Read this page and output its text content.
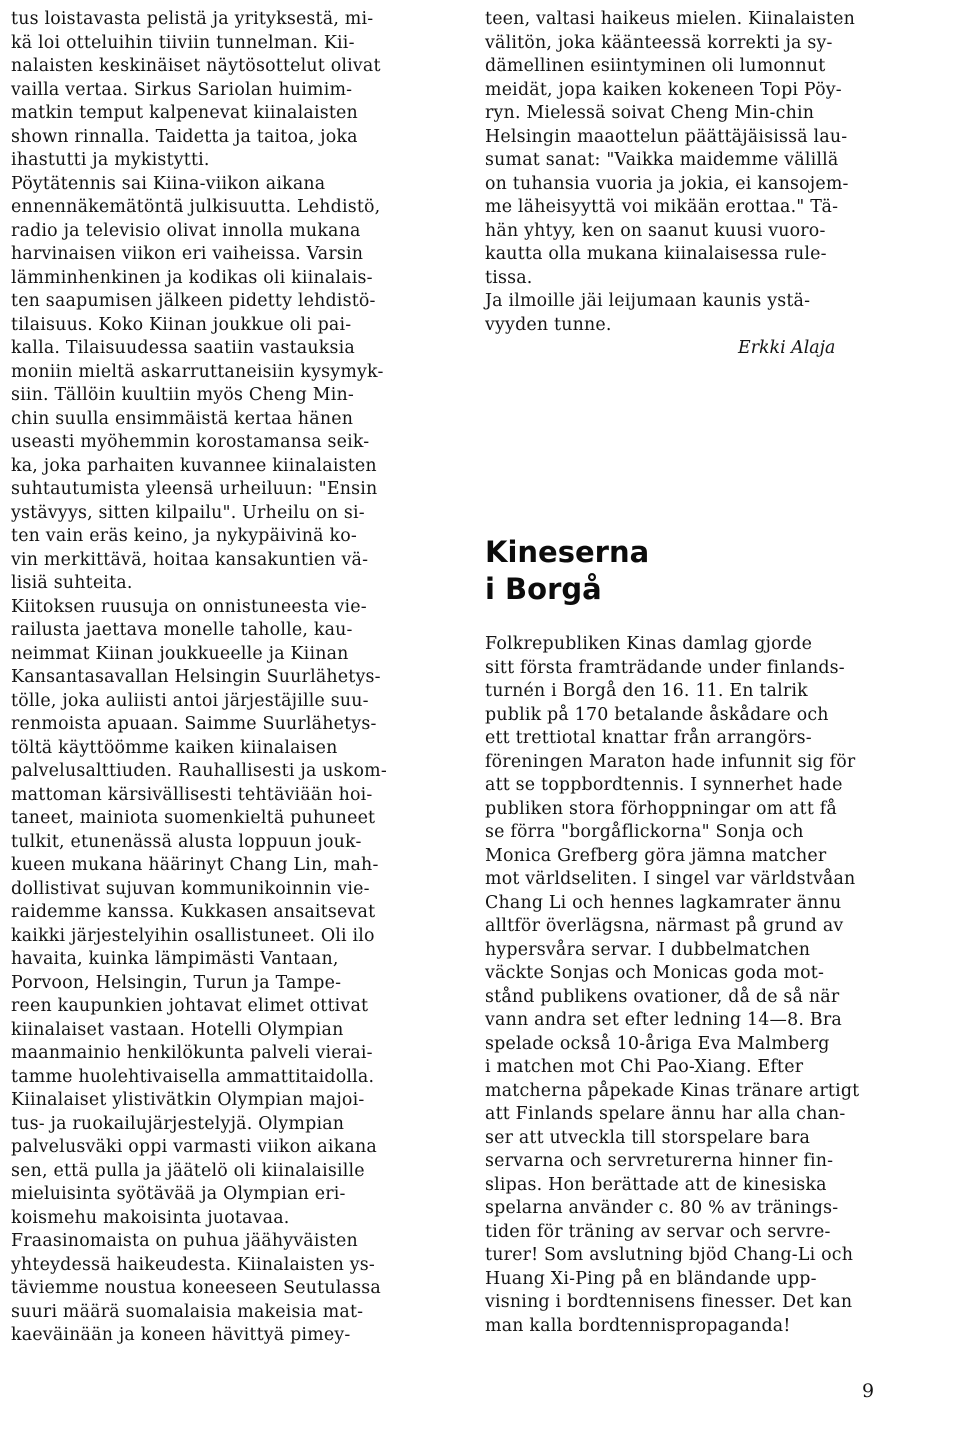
tus loistavasta pelistä ja yrityksestä, mi-
kä loi otteluihin tiiviin tunnelman. Kii-
nalaisten keskinäiset näytösottelut olivat
vailla vertaa. Sirkus Sariolan huimim-
matkin temput kalpenevat kiinalaisten
shown rinnalla. Taidetta ja taitoa, joka
ihastutti ja mykistytti.
Pöytätennis sai Kiina-viikon aikana
ennennäkemätöntä julkisuutta. Lehdistö,
radio ja televisio olivat innolla mukana
harvinaisen viikon eri vaiheissa. Varsin
lämminhenkinen ja kodikas oli kiinalais-
ten saapumisen jälkeen pidetty lehdistö-
tilaisuus. Koko Kiinan joukkue oli pai-
kalla. Tilaisuudessa saatiin vastauksia
moniin mieltä askarruttaneisiin kysymyk-
siin. Tällöin kuultiin myös Cheng Min-
chin suulla ensimmäistä kertaa hänen
useasti myöhemmin korostamansa seik-
ka, joka parhaiten kuvannee kiinalaisten
suhtautumista yleensä urheiluun: "Ensin
ystävyys, sitten kilpailu". Urheilu on si-
ten vain eräs keino, ja nykypäivinä ko-
vin merkittävä, hoitaa kansakuntien vä-
lisiä suhteita.
Kiitoksen ruusuja on onnistuneesta vie-
railusta jaettava monelle taholle, kau-
neimmat Kiinan joukkueelle ja Kiinan
Kansantasavallan Helsingin Suurlähetys-
tölle, joka auliisti antoi järjestäjille suu-
renmoista apuaan. Saimme Suurlähetys-
töltä käyttöömme kaiken kiinalaisen
palvelusalttiuden. Rauhallisesti ja uskom-
mattoman kärsivällisesti tehtäviään hoi-
taneet, mainiota suomenkieltä puhuneet
tulkit, etunenässä alusta loppuun jouk-
kueen mukana häärinyt Chang Lin, mah-
dollistivat sujuvan kommunikoinnin vie-
raidemme kanssa. Kukkasen ansaitsevat
kaikki järjestelyihin osallistuneet. Oli ilo
havaita, kuinka lämpimästi Vantaan,
Porvoon, Helsingin, Turun ja Tampe-
reen kaupunkien johtavat elimet ottivat
kiinalaiset vastaan. Hotelli Olympian
maanmainio henkilökunta palveli vierai-
tamme huolehtivaisella ammattitaidolla.
Kiinalaiset ylistivätkin Olympian majoi-
tus- ja ruokailujärjestelyjä. Olympian
palvelusväki oppi varmasti viikon aikana
sen, että pulla ja jäätelö oli kiinalaisille
mieluisinta syötävää ja Olympian eri-
koismehu makoisinta juotavaa.
Fraasinomaista on puhua jäähyväisten
yhteydessä haikeudesta. Kiinalaisten ys-
täviemme noustua koneeseen Seutulassa
suuri määrä suomalaisia makeisia mat-
kaeväinään ja koneen hävittyä pimey-
teen, valtasi haikeus mielen. Kiinalaisten
välitön, joka käänteessä korrekti ja sy-
dämellinen esiintyminen oli lumonnut
meidät, jopa kaiken kokeneen Topi Pöy-
ryn. Mielessä soivat Cheng Min-chin
Helsingin maaottelun päättäjäisissä lau-
sumat sanat: "Vaikka maidemme välillä
on tuhansia vuoria ja jokia, ei kansojem-
me läheisyyttä voi mikään erottaa." Tä-
hän yhtyy, ken on saanut kuusi vuoro-
kautta olla mukana kiinalaisessa rule-
tissa.
Ja ilmoille jäi leijumaan kaunis ystä-
vyyden tunne.
Erkki Alaja
Kineserna
i Borgå
Folkrepubliken Kinas damlag gjorde
sitt första framträdande under finlands-
turnén i Borgå den 16. 11. En talrik
publik på 170 betalande åskådare och
ett trettiotal knattar från arrangörs-
föreningen Maraton hade infunnit sig för
att se toppbordtennis. I synnerhet hade
publiken stora förhoppningar om att få
se förra "borgåflickorna" Sonja och
Monica Grefberg göra jämna matcher
mot världseliten. I singel var världstvåan
Chang Li och hennes lagkamrater ännu
alltför överlägsna, närmast på grund av
hypersvåra servar. I dubbelmatchen
väckte Sonjas och Monicas goda mot-
stånd publikens ovationer, då de så när
vann andra set efter ledning 14—8. Bra
spelade också 10-åriga Eva Malmberg
i matchen mot Chi Pao-Xiang. Efter
matcherna påpekade Kinas tränare artigt
att Finlands spelare ännu har alla chan-
ser att utveckla till storspelare bara
servarna och servreturerna hinner fin-
slipas. Hon berättade att de kinesiska
spelarna använder c. 80 % av tränings-
tiden för träning av servar och servre-
turer! Som avslutning bjöd Chang-Li och
Huang Xi-Ping på en bländande upp-
visning i bordtennisens finesser. Det kan
man kalla bordtennispropaganda!
9
